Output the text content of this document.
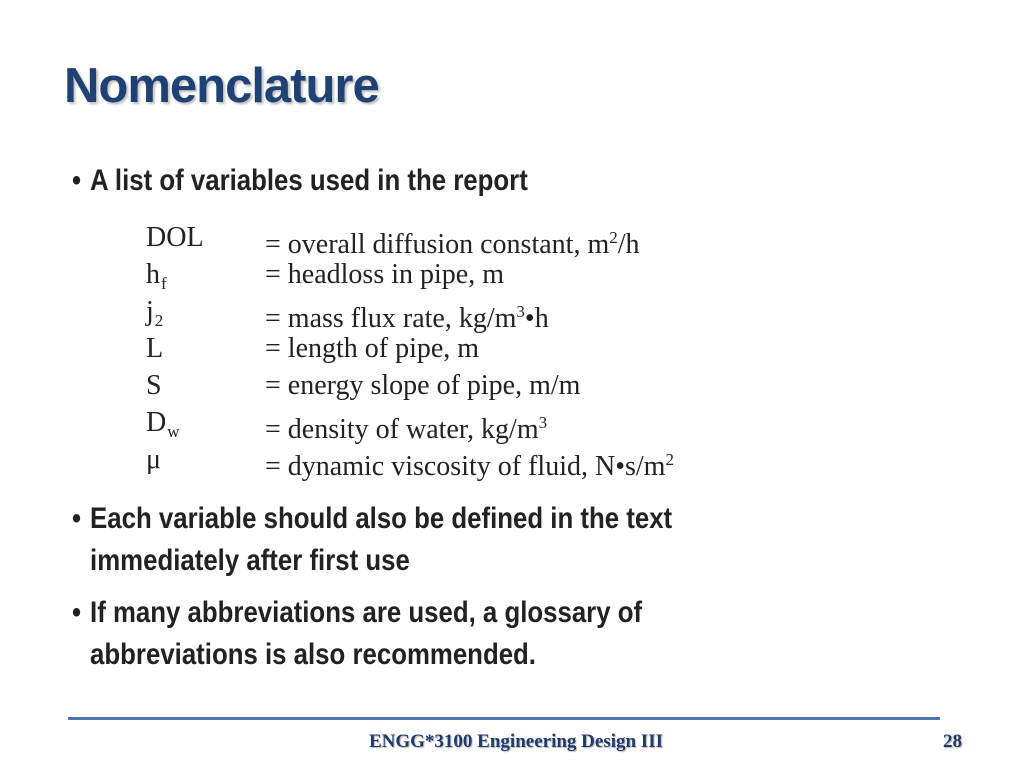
Nomenclature
• A list of variables used in the report
DOL = overall diffusion constant, $m^2/h$
$h_f$	= headloss in pipe, m
$j_2$	= mass flux rate, $kg/m^3•h$
L	= length of pipe, m
S	= energy slope of pipe, m/m
$D_w$	= density of water, $kg/m^3$
μ	= dynamic viscosity of fluid, $N•s/m^2$
• Each variable should also be defined in the text immediately after first use
• If many abbreviations are used, a glossary of abbreviations is also recommended.
ENGG*3100 Engineering Design III	28
